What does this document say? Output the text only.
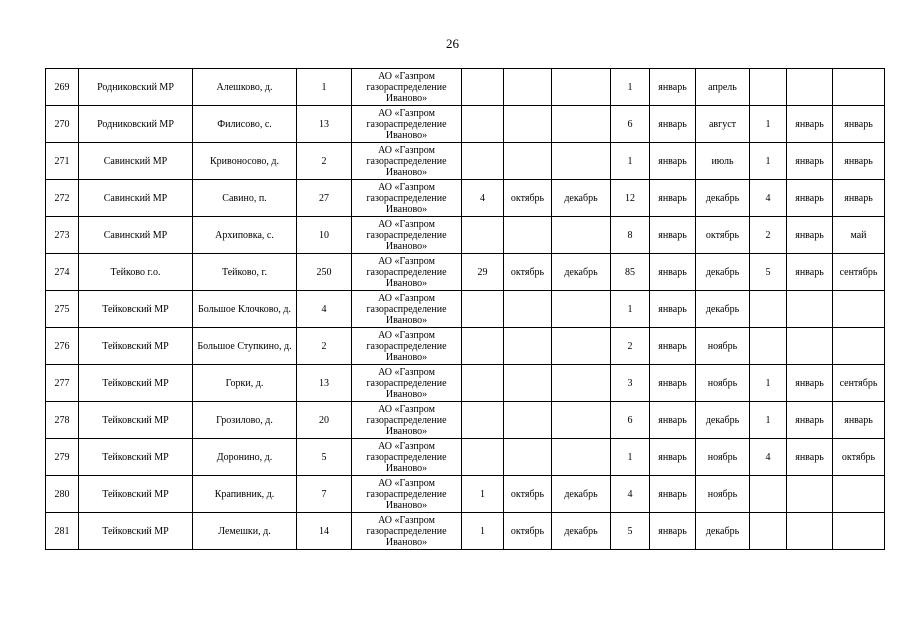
26
269	Родниковский МР	Алешково, д.	1	АО «Газпром
газораспределение
Иваново»				1	январь	апрель			
270	Родниковский МР	Филисово, с.	13	АО «Газпром
газораспределение
Иваново»				6	январь	август	1	январь	январь
271	Савинский МР	Кривоносово, д.	2	АО «Газпром
газораспределение
Иваново»				1	январь	июль	1	январь	январь
272	Савинский МР	Савино, п.	27	АО «Газпром
газораспределение
Иваново»	4	октябрь	декабрь	12	январь	декабрь	4	январь	январь
273	Савинский МР	Архиповка, с.	10	АО «Газпром
газораспределение
Иваново»				8	январь	октябрь	2	январь	май
274	Тейково г.о.	Тейково, г.	250	АО «Газпром
газораспределение
Иваново»	29	октябрь	декабрь	85	январь	декабрь	5	январь	сентябрь
275	Тейковский МР	Большое Клочково, д.	4	АО «Газпром
газораспределение
Иваново»				1	январь	декабрь			
276	Тейковский МР	Большое Ступкино, д.	2	АО «Газпром
газораспределение
Иваново»				2	январь	ноябрь			
277	Тейковский МР	Горки, д.	13	АО «Газпром
газораспределение
Иваново»				3	январь	ноябрь	1	январь	сентябрь
278	Тейковский МР	Грозилово, д.	20	АО «Газпром
газораспределение
Иваново»				6	январь	декабрь	1	январь	январь
279	Тейковский МР	Доронино, д.	5	АО «Газпром
газораспределение
Иваново»				1	январь	ноябрь	4	январь	октябрь
280	Тейковский МР	Крапивник, д.	7	АО «Газпром
газораспределение
Иваново»	1	октябрь	декабрь	4	январь	ноябрь			
281	Тейковский МР	Лемешки, д.	14	АО «Газпром
газораспределение
Иваново»	1	октябрь	декабрь	5	январь	декабрь			
